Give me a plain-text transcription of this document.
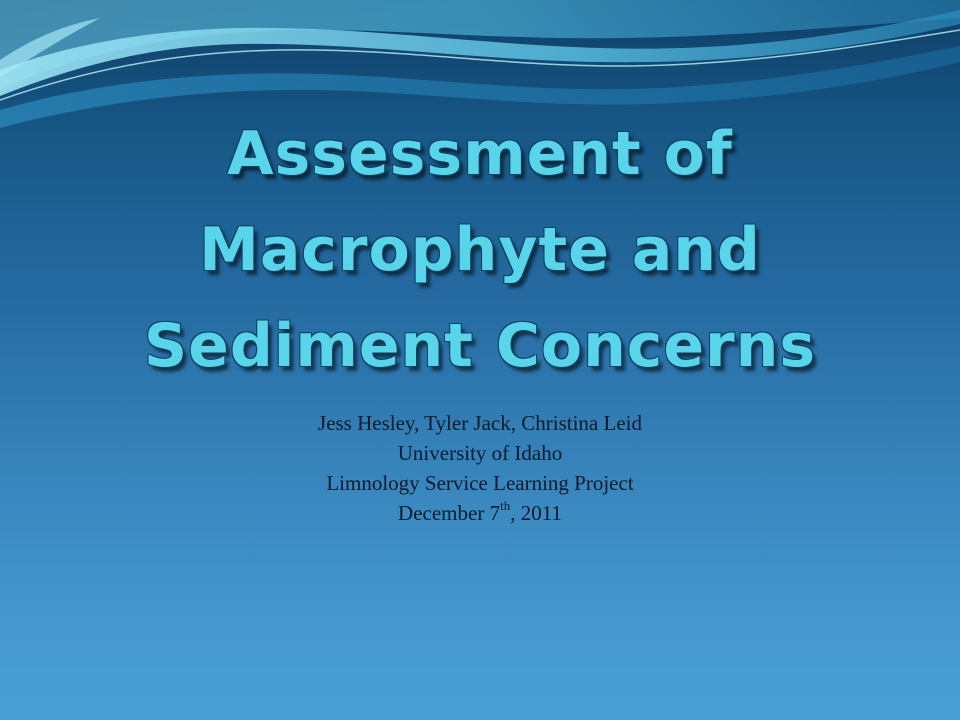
Assessment of
Macrophyte and
Sediment Concerns
Jess Hesley, Tyler Jack, Christina Leid
University of Idaho
Limnology Service Learning Project
December 7th, 2011
